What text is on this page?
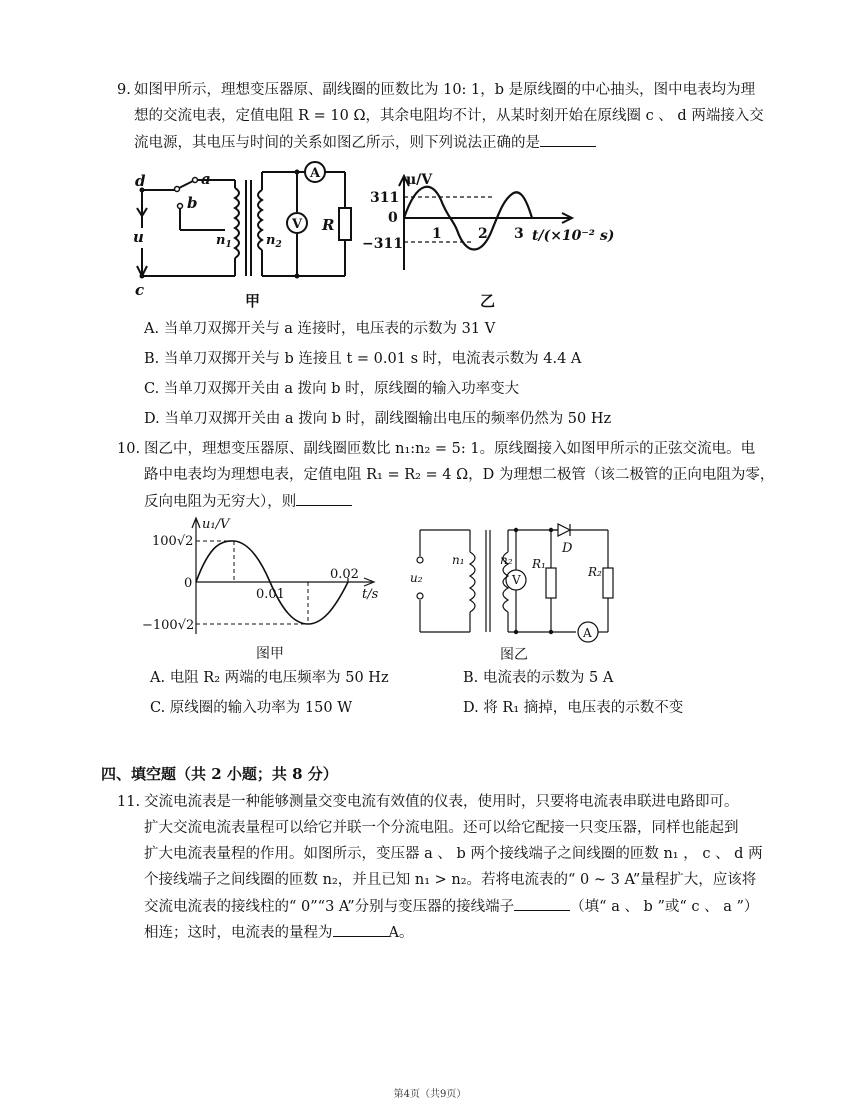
9. 如图甲所示，理想变压器原、副线圈的匝数比为 10: 1，b 是原线圈的中心抽头，图中电表均为理
想的交流电表，定值电阻 R = 10 Ω，其余电阻均不计，从某时刻开始在原线圈 c 、 d 两端接入交
流电源，其电压与时间的关系如图乙所示，则下列说法正确的是
d	a
b
u
c
$n_1$	$n_2$
A
V R
甲
u/V
311
0
−311
1	2 3 t/(×10⁻² s)
乙
A. 当单刀双掷开关与 a 连接时，电压表的示数为 31 V
B. 当单刀双掷开关与 b 连接且 t = 0.01 s 时，电流表示数为 4.4 A
C. 当单刀双掷开关由 a 拨向 b 时，原线圈的输入功率变大
D. 当单刀双掷开关由 a 拨向 b 时，副线圈输出电压的频率仍然为 50 Hz
10. 图乙中，理想变压器原、副线圈匝数比 n₁:n₂ = 5: 1。原线圈接入如图甲所示的正弦交流电。电
路中电表均为理想电表，定值电阻 R₁ = R₂ = 4 Ω，D 为理想二极管（该二极管的正向电阻为零，
反向电阻为无穷大），则
u₁/V
100√2
0
−100√2
0.01
0.02
t/s
图甲
u₂
n₁	n₂
V
R₁
R₂
D
A
图乙
A. 电阻 R₂ 两端的电压频率为 50 Hz	B. 电流表的示数为 5 A
C. 原线圈的输入功率为 150 W	D. 将 R₁ 摘掉，电压表的示数不变
四、填空题（共 2 小题；共 8 分）
11. 交流电流表是一种能够测量交变电流有效值的仪表，使用时，只要将电流表串联进电路即可。
扩大交流电流表量程可以给它并联一个分流电阻。还可以给它配接一只变压器，同样也能起到
扩大电流表量程的作用。如图所示，变压器 a 、 b 两个接线端子之间线圈的匝数 n₁ ， c 、 d 两
个接线端子之间线圈的匝数 n₂，并且已知 n₁ > n₂。若将电流表的“ 0 ~ 3 A”量程扩大，应该将
交流电流表的接线柱的“ 0”“3 A”分别与变压器的接线端子	（填“ a 、 b ”或“ c 、 a ”）
相连；这时，电流表的量程为	A。
第4页（共9页）
